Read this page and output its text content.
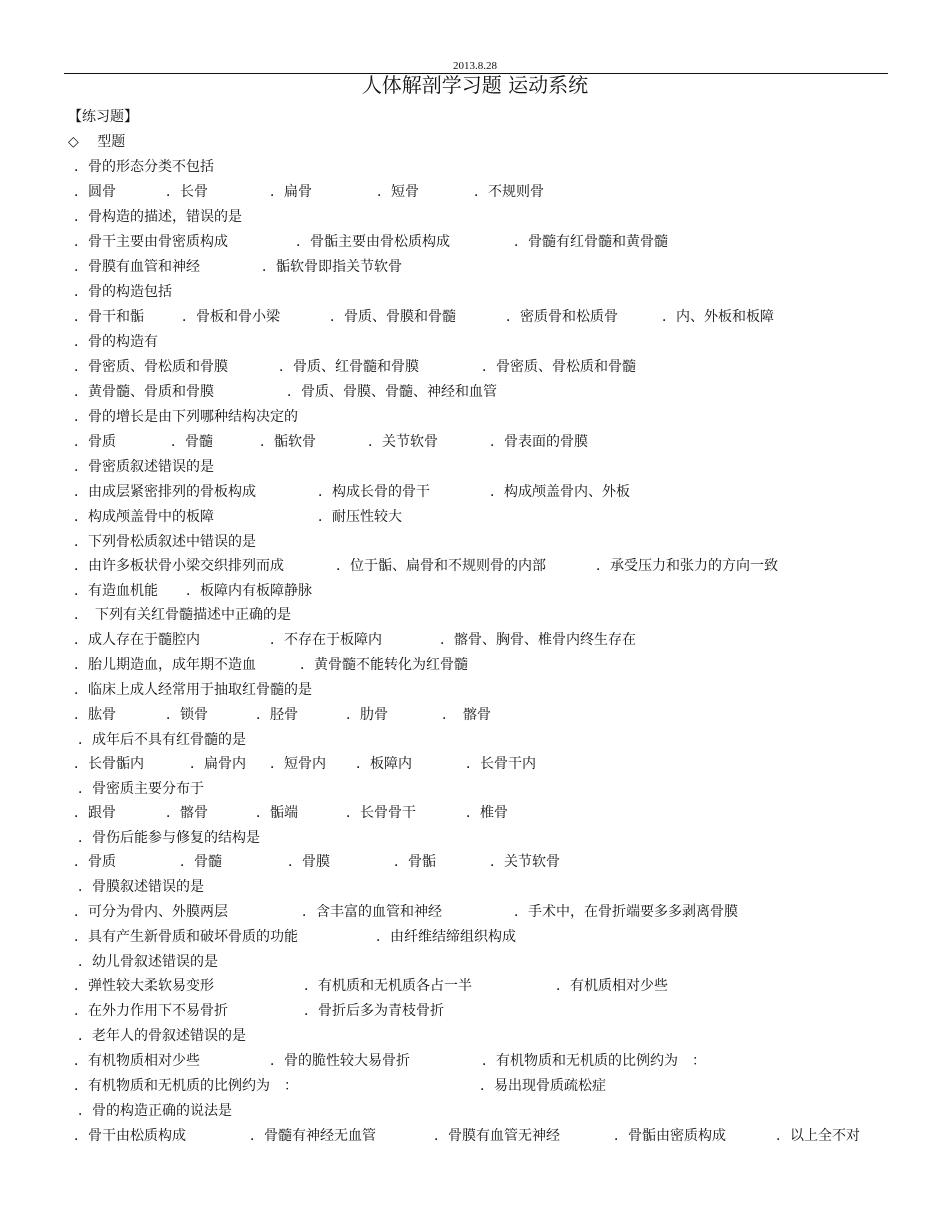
2013.8.28
人体解剖学习题 运动系统
【练习题】
◇　 型题
．骨的形态分类不包括
．圆骨	．长骨	．扁骨	．短骨	．不规则骨
．骨构造的描述，错误的是
．骨干主要由骨密质构成	．骨骺主要由骨松质构成	．骨髓有红骨髓和黄骨髓
．骨膜有血管和神经	．骺软骨即指关节软骨
．骨的构造包括
．骨干和骺	．骨板和骨小梁	．骨质、骨膜和骨髓	．密质骨和松质骨	．内、外板和板障
．骨的构造有
．骨密质、骨松质和骨膜	．骨质、红骨髓和骨膜	．骨密质、骨松质和骨髓
．黄骨髓、骨质和骨膜	．骨质、骨膜、骨髓、神经和血管
．骨的增长是由下列哪种结构决定的
．骨质	．骨髓	．骺软骨	．关节软骨	．骨表面的骨膜
．骨密质叙述错误的是
．由成层紧密排列的骨板构成	．构成长骨的骨干	．构成颅盖骨内、外板
．构成颅盖骨中的板障	．耐压性较大
．下列骨松质叙述中错误的是
．由许多板状骨小梁交织排列而成	．位于骺、扁骨和不规则骨的内部	．承受压力和张力的方向一致
．有造血机能 ．板障内有板障静脉
．　下列有关红骨髓描述中正确的是
．成人存在于髓腔内	．不存在于板障内	．髂骨、胸骨、椎骨内终生存在
．胎儿期造血，成年期不造血	．黄骨髓不能转化为红骨髓
．临床上成人经常用于抽取红骨髓的是
．肱骨	．锁骨	．胫骨	．肋骨	．　髂骨
．成年后不具有红骨髓的是
．长骨骺内	．扁骨内 ．短骨内 ．板障内	．长骨干内
．骨密质主要分布于
．跟骨	．髂骨	．骺端	．长骨骨干	．椎骨
．骨伤后能参与修复的结构是
．骨质	．骨髓	．骨膜	．骨骺	．关节软骨
．骨膜叙述错误的是
．可分为骨内、外膜两层	．含丰富的血管和神经	．手术中，在骨折端要多多剥离骨膜
．具有产生新骨质和破坏骨质的功能	．由纤维结缔组织构成
．幼儿骨叙述错误的是
．弹性较大柔软易变形	．有机质和无机质各占一半	．有机质相对少些
．在外力作用下不易骨折	．骨折后多为青枝骨折
．老年人的骨叙述错误的是
．有机物质相对少些	．骨的脆性较大易骨折	．有机物质和无机质的比例约为　：
．有机物质和无机质的比例约为　：	．易出现骨质疏松症
．骨的构造正确的说法是
．骨干由松质构成	．骨髓有神经无血管	．骨膜有血管无神经	．骨骺由密质构成	．以上全不对
